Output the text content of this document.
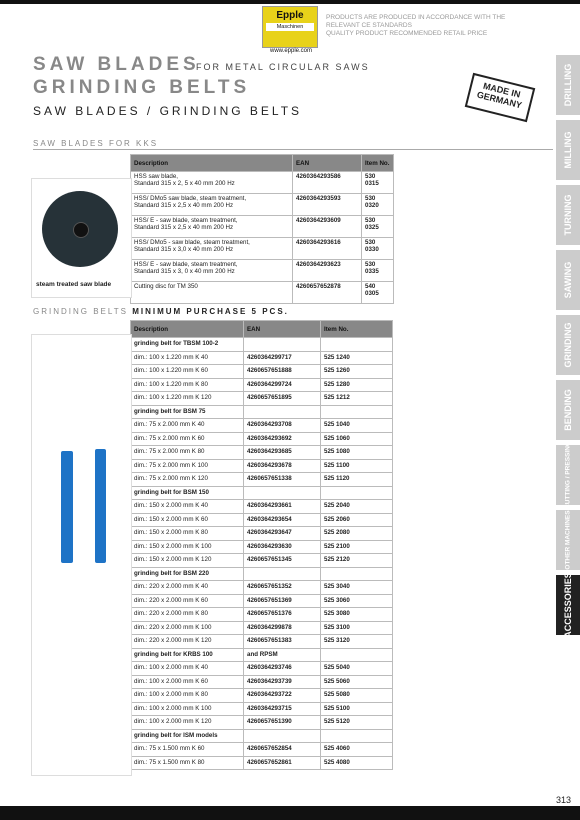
Epple
Maschinen
www.epple.com
PRODUCTS ARE PRODUCED IN ACCORDANCE WITH THE
RELEVANT CE STANDARDS
QUALITY PRODUCT RECOMMENDED RETAIL PRICE
SAW BLADES
FOR METAL CIRCULAR SAWS
GRINDING BELTS
SAW BLADES / GRINDING BELTS
MADE IN GERMANY
SAW BLADES FOR KKS
Description	EAN	Item No.

HSS saw blade,
Standard 315 x 2, 5 x 40 mm 200 Hz	4260364293586	530 0315

HSS/ DMo5 saw blade, steam treatment,
Standard 315 x 2,5 x 40 mm 200 Hz	4260364293593	530 0320

HSS/ E - saw blade, steam treatment,
Standard 315 x 2,5 x 40 mm 200 Hz	4260364293609	530 0325

HSS/ DMo5 - saw blade, steam treatment,
Standard 315 x 3,0 x 40 mm 200 Hz	4260364293616	530 0330

HSS/ E - saw blade, steam treatment,
Standard 315 x 3, 0 x 40 mm 200 Hz	4260364293623	530 0335

Cutting disc for TM 350	4260657652878	540 0305
steam treated saw blade
GRINDING BELTS MINIMUM PURCHASE 5 PCS.
Description	EAN	Item No.
grinding belt for TBSM 100-2		
dim.: 100 x 1.220 mm K 40	4260364299717	525 1240
dim.: 100 x 1.220 mm K 60	4260657651888	525 1260
dim.: 100 x 1.220 mm K 80	4260364299724	525 1280
dim.: 100 x 1.220 mm K 120	4260657651895	525 1212
grinding belt for BSM 75		
dim.: 75 x 2.000 mm K 40	4260364293708	525 1040
dim.: 75 x 2.000 mm K 60	4260364293692	525 1060
dim.: 75 x 2.000 mm K 80	4260364293685	525 1080
dim.: 75 x 2.000 mm K 100	4260364293678	525 1100
dim.: 75 x 2.000 mm K 120	4260657651338	525 1120
grinding belt for BSM 150		
dim.: 150 x 2.000 mm K 40	4260364293661	525 2040
dim.: 150 x 2.000 mm K 60	4260364293654	525 2060
dim.: 150 x 2.000 mm K 80	4260364293647	525 2080
dim.: 150 x 2.000 mm K 100	4260364293630	525 2100
dim.: 150 x 2.000 mm K 120	4260657651345	525 2120
grinding belt for BSM 220		
dim.: 220 x 2.000 mm K 40	4260657651352	525 3040
dim.: 220 x 2.000 mm K 60	4260657651369	525 3060
dim.: 220 x 2.000 mm K 80	4260657651376	525 3080
dim.: 220 x 2.000 mm K 100	4260364299878	525 3100
dim.: 220 x 2.000 mm K 120	4260657651383	525 3120
grinding belt for KRBS 100	and RPSM	
dim.: 100 x 2.000 mm K 40	4260364293746	525 5040
dim.: 100 x 2.000 mm K 60	4260364293739	525 5060
dim.: 100 x 2.000 mm K 80	4260364293722	525 5080
dim.: 100 x 2.000 mm K 100	4260364293715	525 5100
dim.: 100 x 2.000 mm K 120	4260657651390	525 5120
grinding belt for ISM models		
dim.: 75 x 1.500 mm K 60	4260657652854	525 4060
dim.: 75 x 1.500 mm K 80	4260657652861	525 4080
DRILLING
MILLING
TURNING
SAWING
GRINDING
BENDING
CUTTING / PRESSING
OTHER MACHINES
ACCESSORIES
313
